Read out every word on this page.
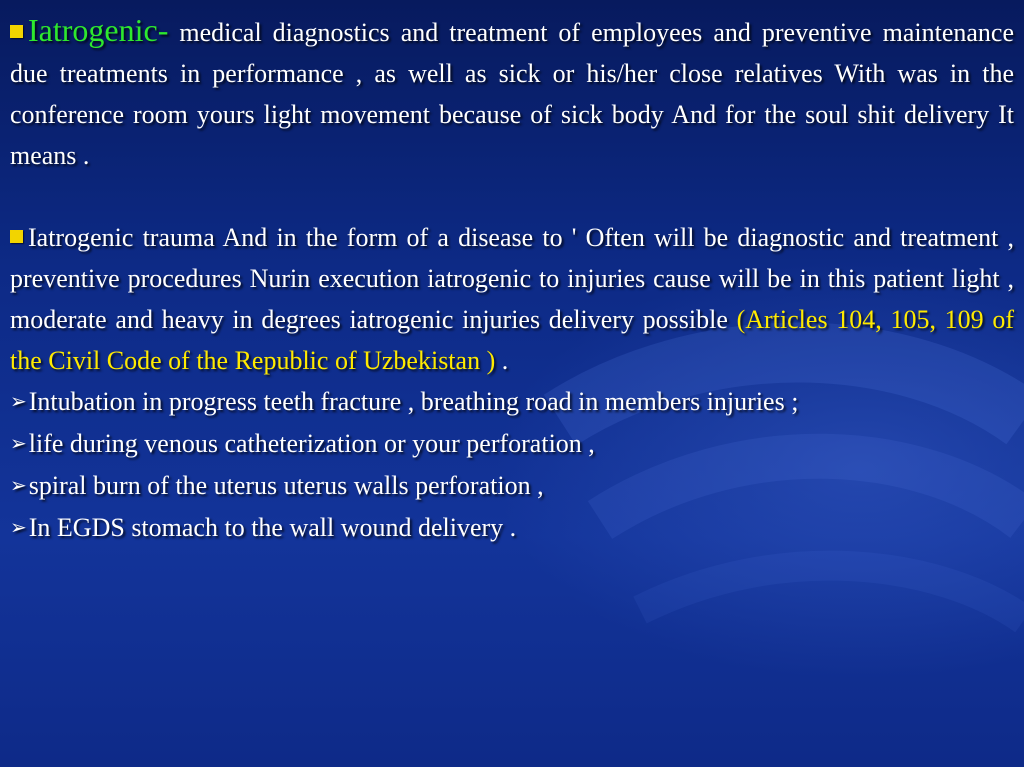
Iatrogenic- medical diagnostics and treatment of employees and preventive maintenance due treatments in performance , as well as sick or his/her close relatives With was in the conference room yours light movement because of sick body And for the soul shit delivery It means .

Iatrogenic trauma And in the form of a disease to ' Often will be diagnostic and treatment , preventive procedures Nurin execution iatrogenic to injuries cause will be in this patient light , moderate and heavy in degrees iatrogenic injuries delivery possible (Articles 104, 105, 109 of the Civil Code of the Republic of Uzbekistan ) .

➢Intubation in progress teeth fracture , breathing road in members injuries ;

➢life during venous catheterization or your perforation ,

➢spiral burn of the uterus uterus walls perforation ,

➢In EGDS stomach to the wall wound delivery .
